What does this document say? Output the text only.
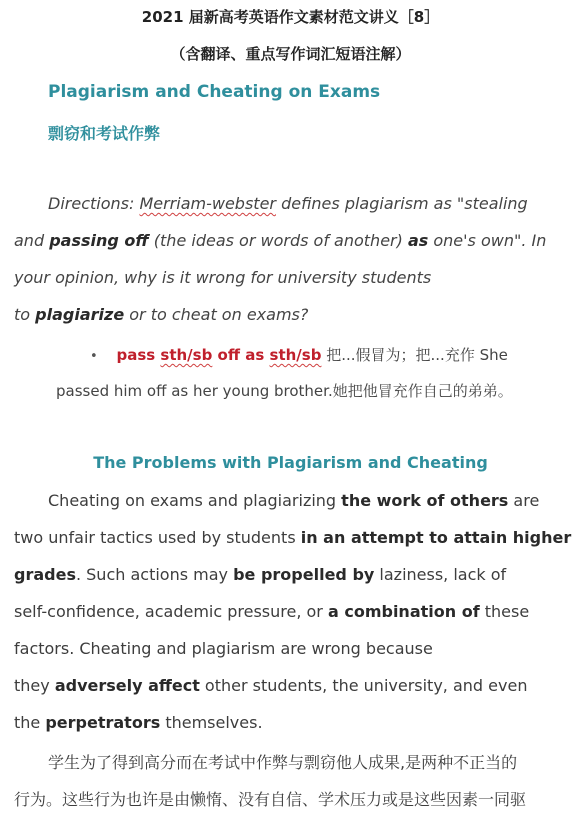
2021 届新高考英语作文素材范文讲义［8］
（含翻译、重点写作词汇短语注解）
Plagiarism and Cheating on Exams
剽窃和考试作弊
Directions: Merriam-webster defines plagiarism as "stealing
and passing off (the ideas or words of another) as one's own". In
your opinion, why is it wrong for university students
to plagiarize or to cheat on exams?
• pass sth/sb off as sth/sb 把...假冒为；把...充作 She
passed him off as her young brother.她把他冒充作自己的弟弟。
The Problems with Plagiarism and Cheating
Cheating on exams and plagiarizing the work of others are
two unfair tactics used by students in an attempt to attain higher
grades. Such actions may be propelled by laziness, lack of
self-confidence, academic pressure, or a combination of these
factors. Cheating and plagiarism are wrong because
they adversely affect other students, the university, and even
the perpetrators themselves.
学生为了得到高分而在考试中作弊与剽窃他人成果,是两种不正当的
行为。这些行为也许是由懒惰、没有自信、学术压力或是这些因素一同驱
